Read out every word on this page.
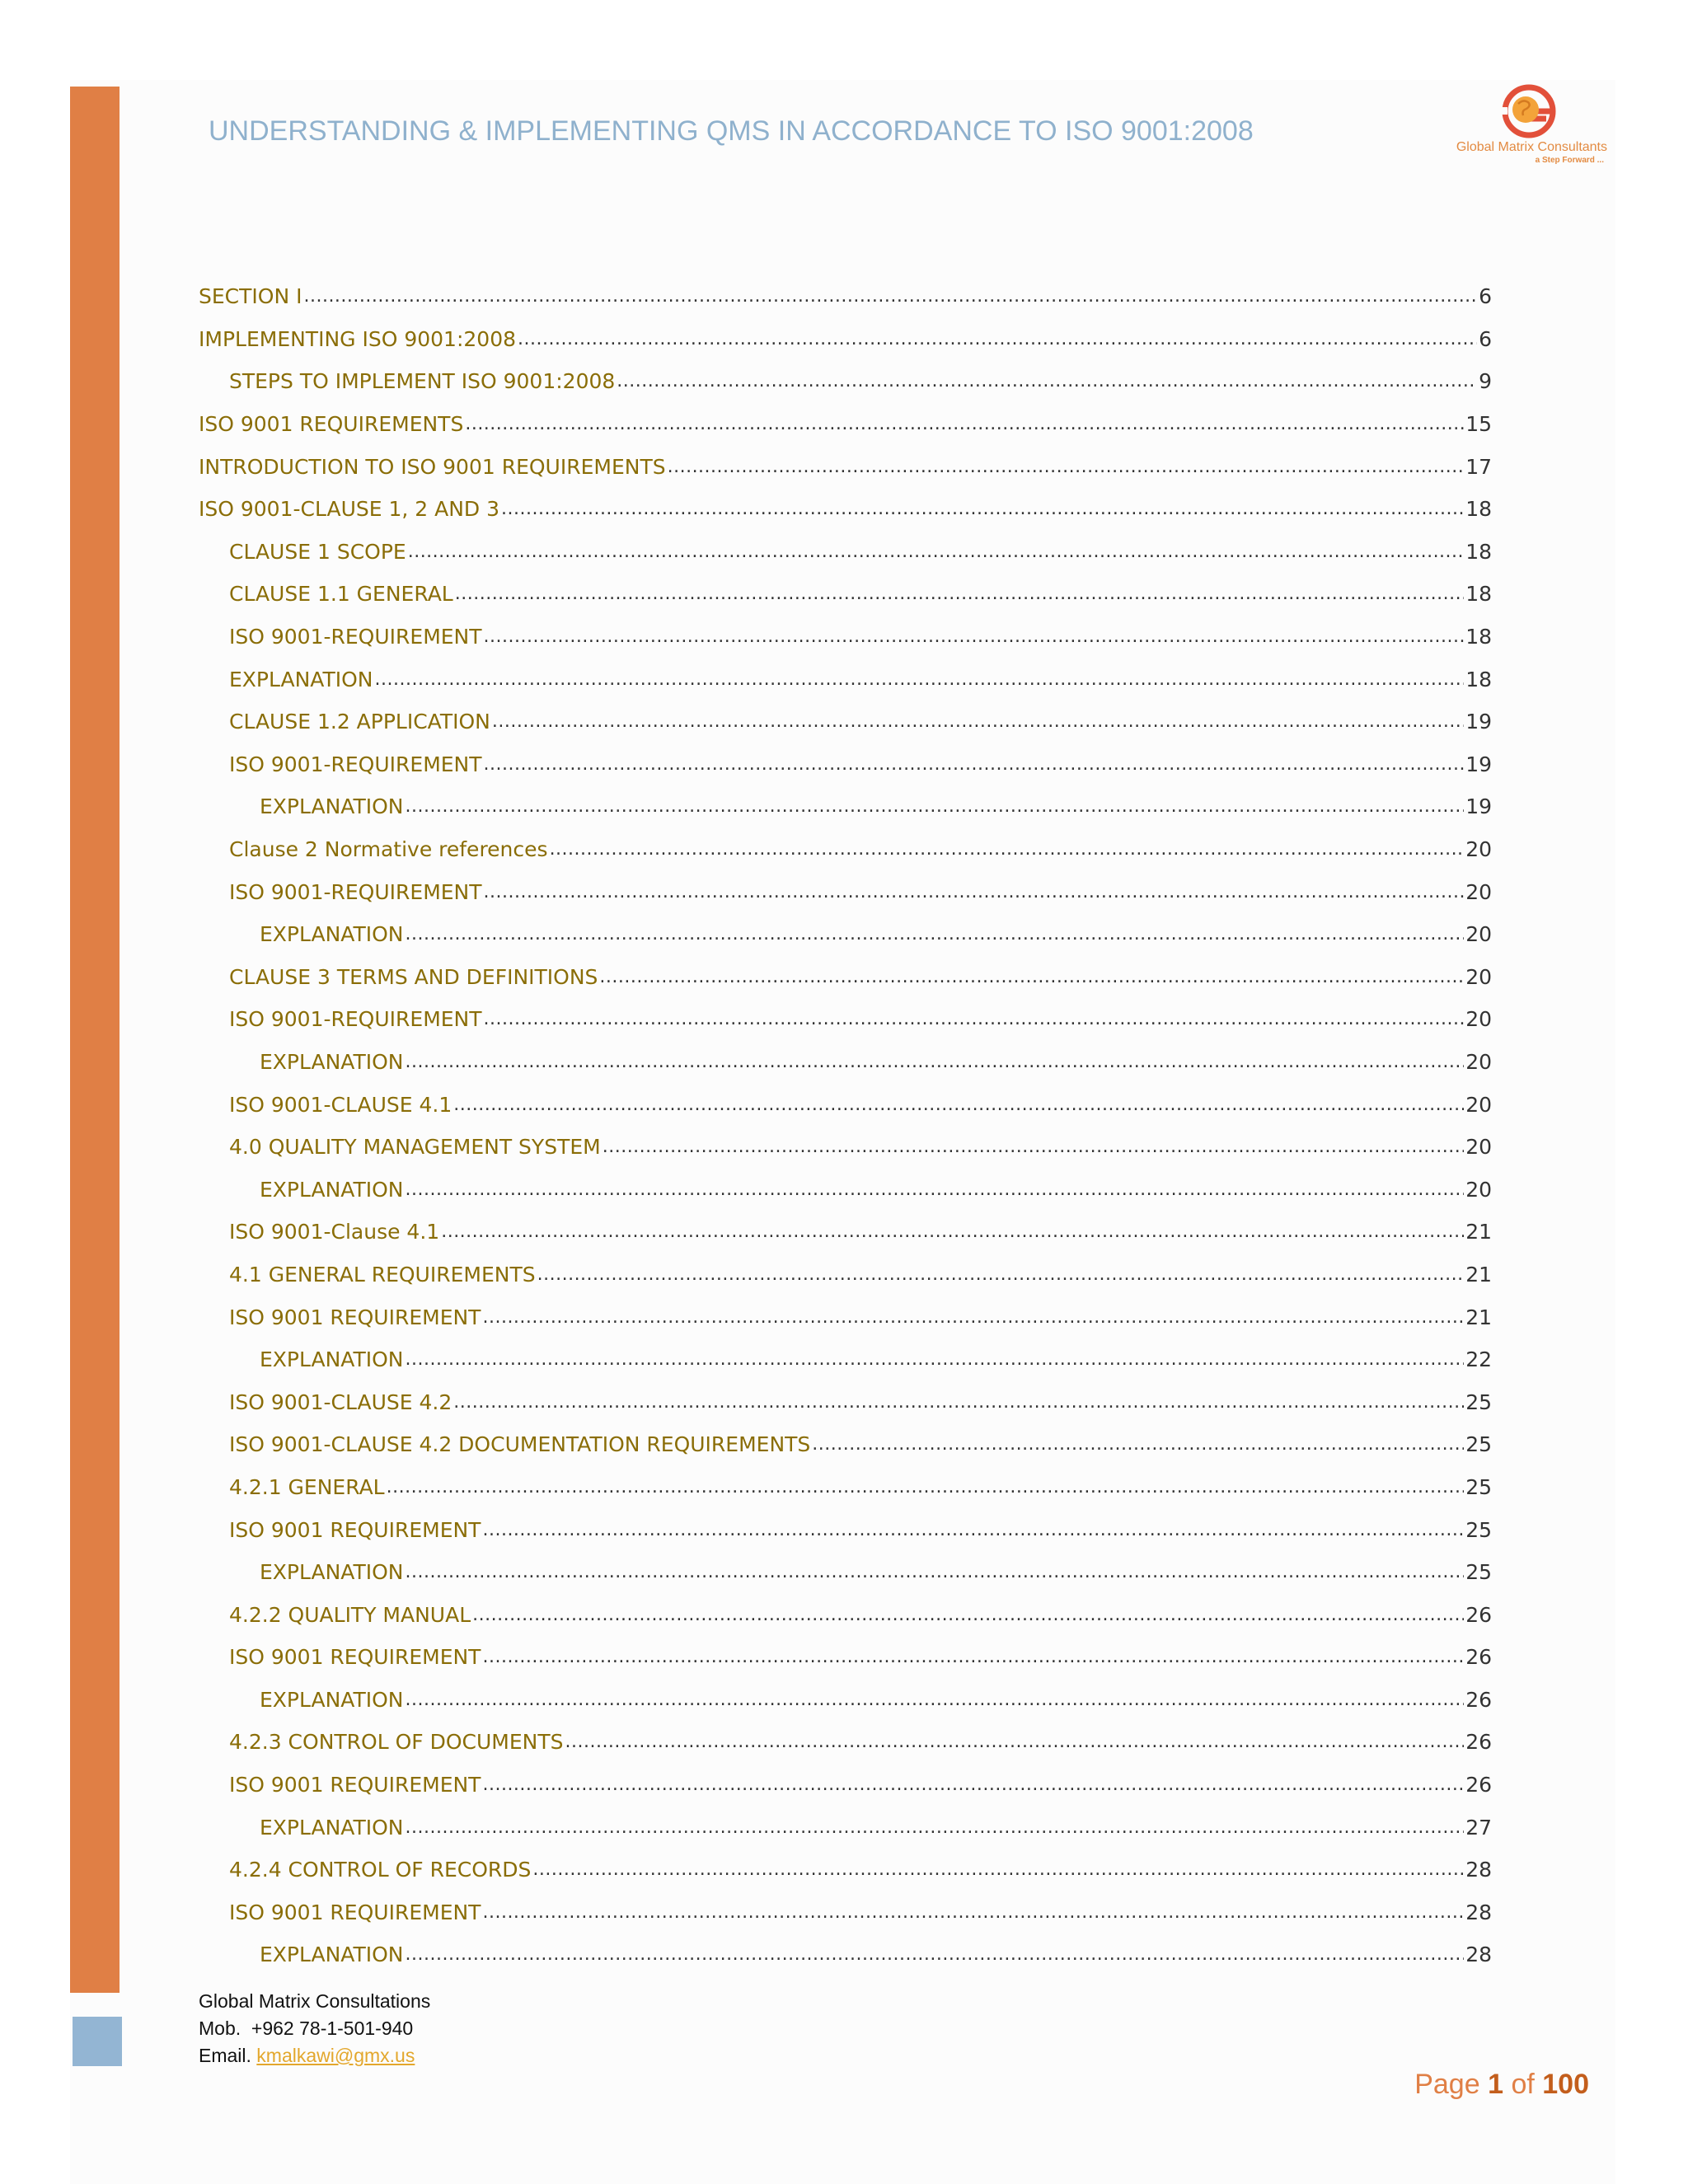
UNDERSTANDING & IMPLEMENTING QMS IN ACCORDANCE TO ISO 9001:2008
Global Matrix Consultants
a Step Forward ...
SECTION I .....	6
IMPLEMENTING ISO 9001:2008 .....	6
STEPS TO IMPLEMENT ISO 9001:2008 .....	9
ISO 9001 REQUIREMENTS .....	15
INTRODUCTION TO ISO 9001 REQUIREMENTS .....	17
ISO 9001-CLAUSE 1, 2 AND 3 .....	18
CLAUSE 1 SCOPE .....	18
CLAUSE 1.1 GENERAL .....	18
ISO 9001-REQUIREMENT .....	18
EXPLANATION .....	18
CLAUSE 1.2 APPLICATION .....	19
ISO 9001-REQUIREMENT .....	19
EXPLANATION .....	19
Clause 2 Normative references .....	20
ISO 9001-REQUIREMENT .....	20
EXPLANATION .....	20
CLAUSE 3 TERMS AND DEFINITIONS .....	20
ISO 9001-REQUIREMENT .....	20
EXPLANATION .....	20
ISO 9001-CLAUSE 4.1 .....	20
4.0 QUALITY MANAGEMENT SYSTEM .....	20
EXPLANATION .....	20
ISO 9001-Clause 4.1 .....	21
4.1 GENERAL REQUIREMENTS .....	21
ISO 9001 REQUIREMENT .....	21
EXPLANATION .....	22
ISO 9001-CLAUSE 4.2 .....	25
ISO 9001-CLAUSE 4.2 DOCUMENTATION REQUIREMENTS .....	25
4.2.1 GENERAL .....	25
ISO 9001 REQUIREMENT .....	25
EXPLANATION .....	25
4.2.2 QUALITY MANUAL .....	26
ISO 9001 REQUIREMENT .....	26
EXPLANATION .....	26
4.2.3 CONTROL OF DOCUMENTS .....	26
ISO 9001 REQUIREMENT .....	26
EXPLANATION .....	27
4.2.4 CONTROL OF RECORDS .....	28
ISO 9001 REQUIREMENT .....	28
EXPLANATION .....	28
Global Matrix Consultations
Mob. +962 78-1-501-940
Email. kmalkawi@gmx.us
Page 1 of 100
